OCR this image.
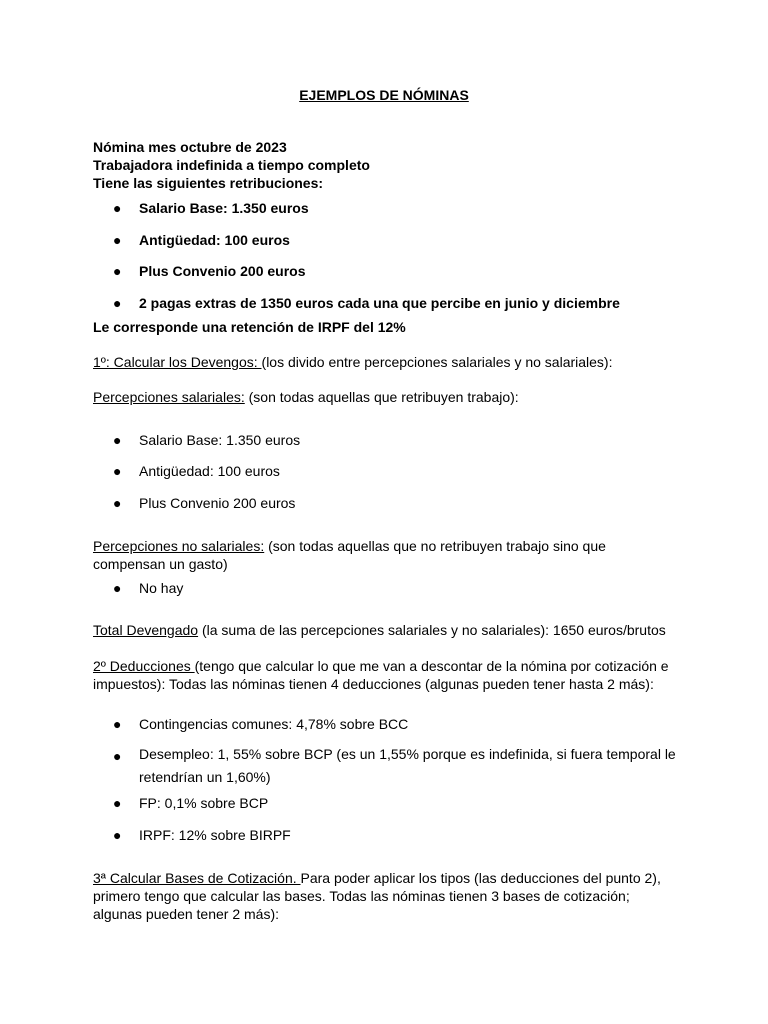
EJEMPLOS DE NÓMINAS
Nómina mes octubre de 2023
Trabajadora indefinida a tiempo completo
Tiene las siguientes retribuciones:
● Salario Base: 1.350 euros
● Antigüedad: 100 euros
● Plus Convenio 200 euros
● 2 pagas extras de 1350 euros cada una que percibe en junio y diciembre
Le corresponde una retención de IRPF del 12%
1º: Calcular los Devengos: (los divido entre percepciones salariales y no salariales):
Percepciones salariales: (son todas aquellas que retribuyen trabajo):
● Salario Base: 1.350 euros
● Antigüedad: 100 euros
● Plus Convenio 200 euros
Percepciones no salariales: (son todas aquellas que no retribuyen trabajo sino que compensan un gasto)
● No hay
Total Devengado (la suma de las percepciones salariales y no salariales): 1650 euros/brutos
2º Deducciones (tengo que calcular lo que me van a descontar de la nómina por cotización e impuestos): Todas las nóminas tienen 4 deducciones (algunas pueden tener hasta 2 más):
● Contingencias comunes: 4,78% sobre BCC
● Desempleo: 1, 55% sobre BCP (es un 1,55% porque es indefinida, si fuera temporal le retendrían un 1,60%)
● FP: 0,1% sobre BCP
● IRPF: 12% sobre BIRPF
3ª Calcular Bases de Cotización. Para poder aplicar los tipos (las deducciones del punto 2), primero tengo que calcular las bases. Todas las nóminas tienen 3 bases de cotización; algunas pueden tener 2 más):
